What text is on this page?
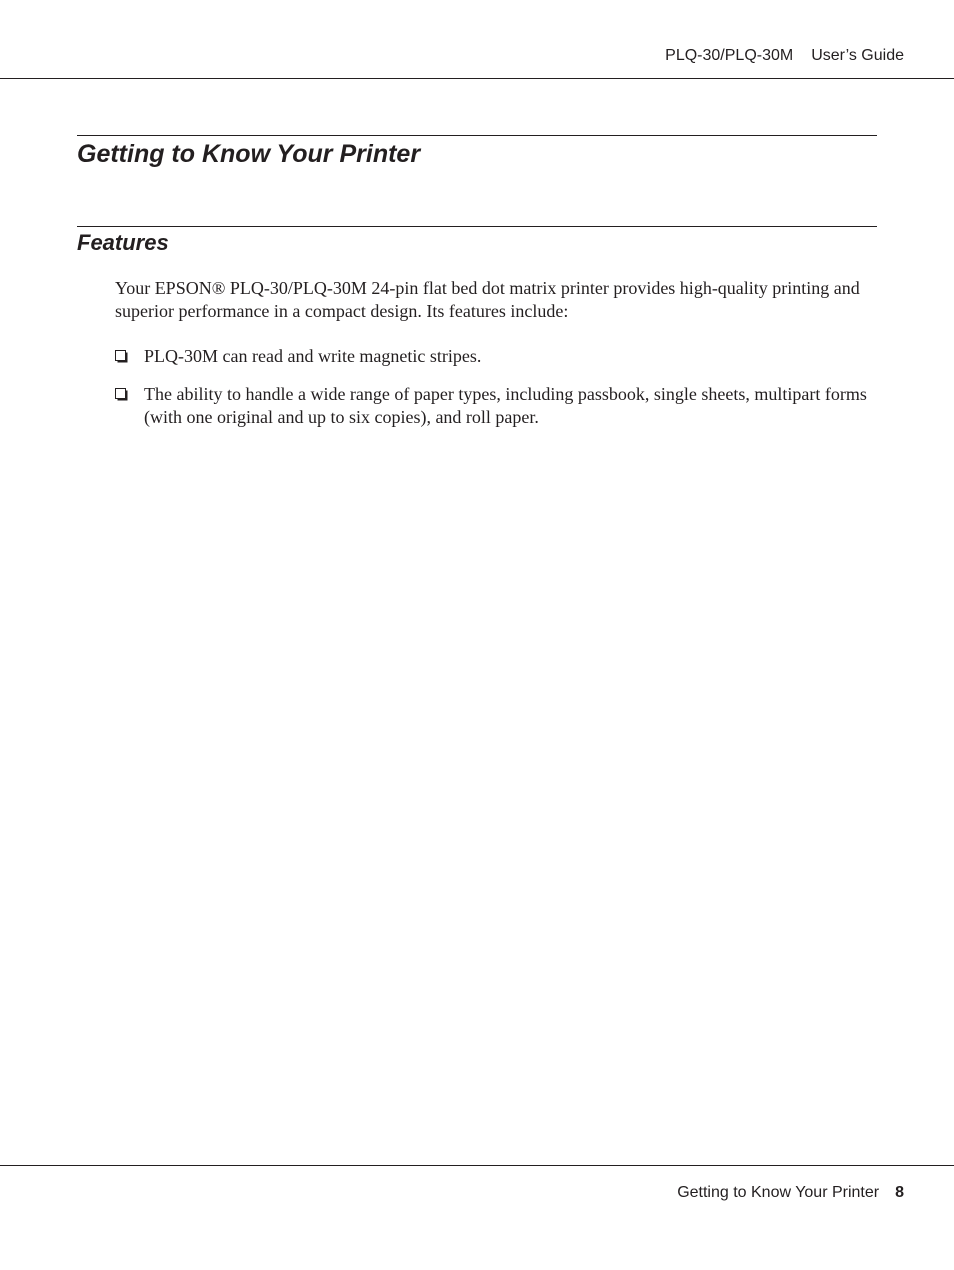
PLQ-30/PLQ-30M User’s Guide
Getting to Know Your Printer
Features

Your EPSON® PLQ-30/PLQ-30M 24-pin flat bed dot matrix printer provides high-quality printing and superior performance in a compact design. Its features include:

PLQ-30M can read and write magnetic stripes.
The ability to handle a wide range of paper types, including passbook, single sheets, multipart forms (with one original and up to six copies), and roll paper.
Getting to Know Your Printer 8
